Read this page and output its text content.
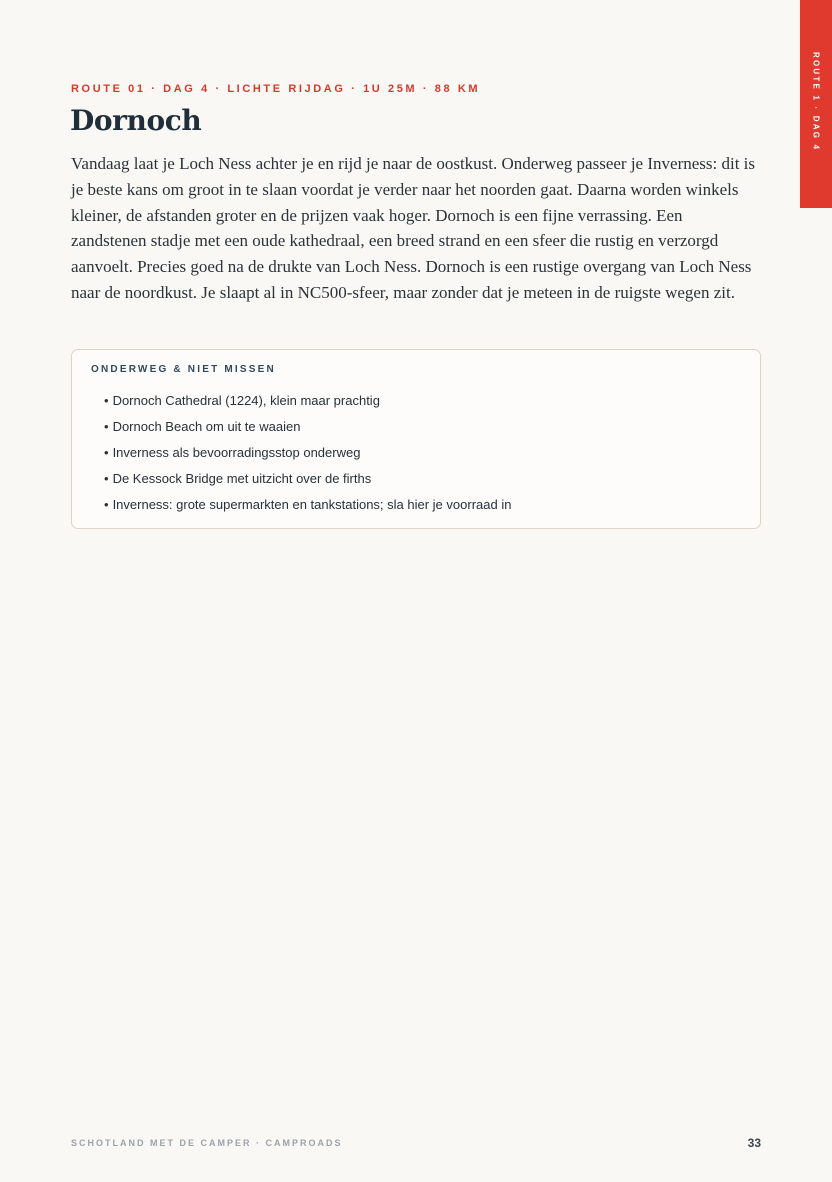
ROUTE 1 · DAG 4
ROUTE 01 · DAG 4 · LICHTE RIJDAG · 1U 25M · 88 KM
Dornoch

Vandaag laat je Loch Ness achter je en rijd je naar de oostkust. Onderweg passeer je Inverness: dit is je beste kans om groot in te slaan voordat je verder naar het noorden gaat. Daarna worden winkels kleiner, de afstanden groter en de prijzen vaak hoger. Dornoch is een fijne verrassing. Een zandstenen stadje met een oude kathedraal, een breed strand en een sfeer die rustig en verzorgd aanvoelt. Precies goed na de drukte van Loch Ness. Dornoch is een rustige overgang van Loch Ness naar de noordkust. Je slaapt al in NC500-sfeer, maar zonder dat je meteen in de ruigste wegen zit.

ONDERWEG & NIET MISSEN
• Dornoch Cathedral (1224), klein maar prachtig
• Dornoch Beach om uit te waaien
• Inverness als bevoorradingsstop onderweg
• De Kessock Bridge met uitzicht over de firths
• Inverness: grote supermarkten en tankstations; sla hier je voorraad in
SCHOTLAND MET DE CAMPER · CAMPROADS	33
